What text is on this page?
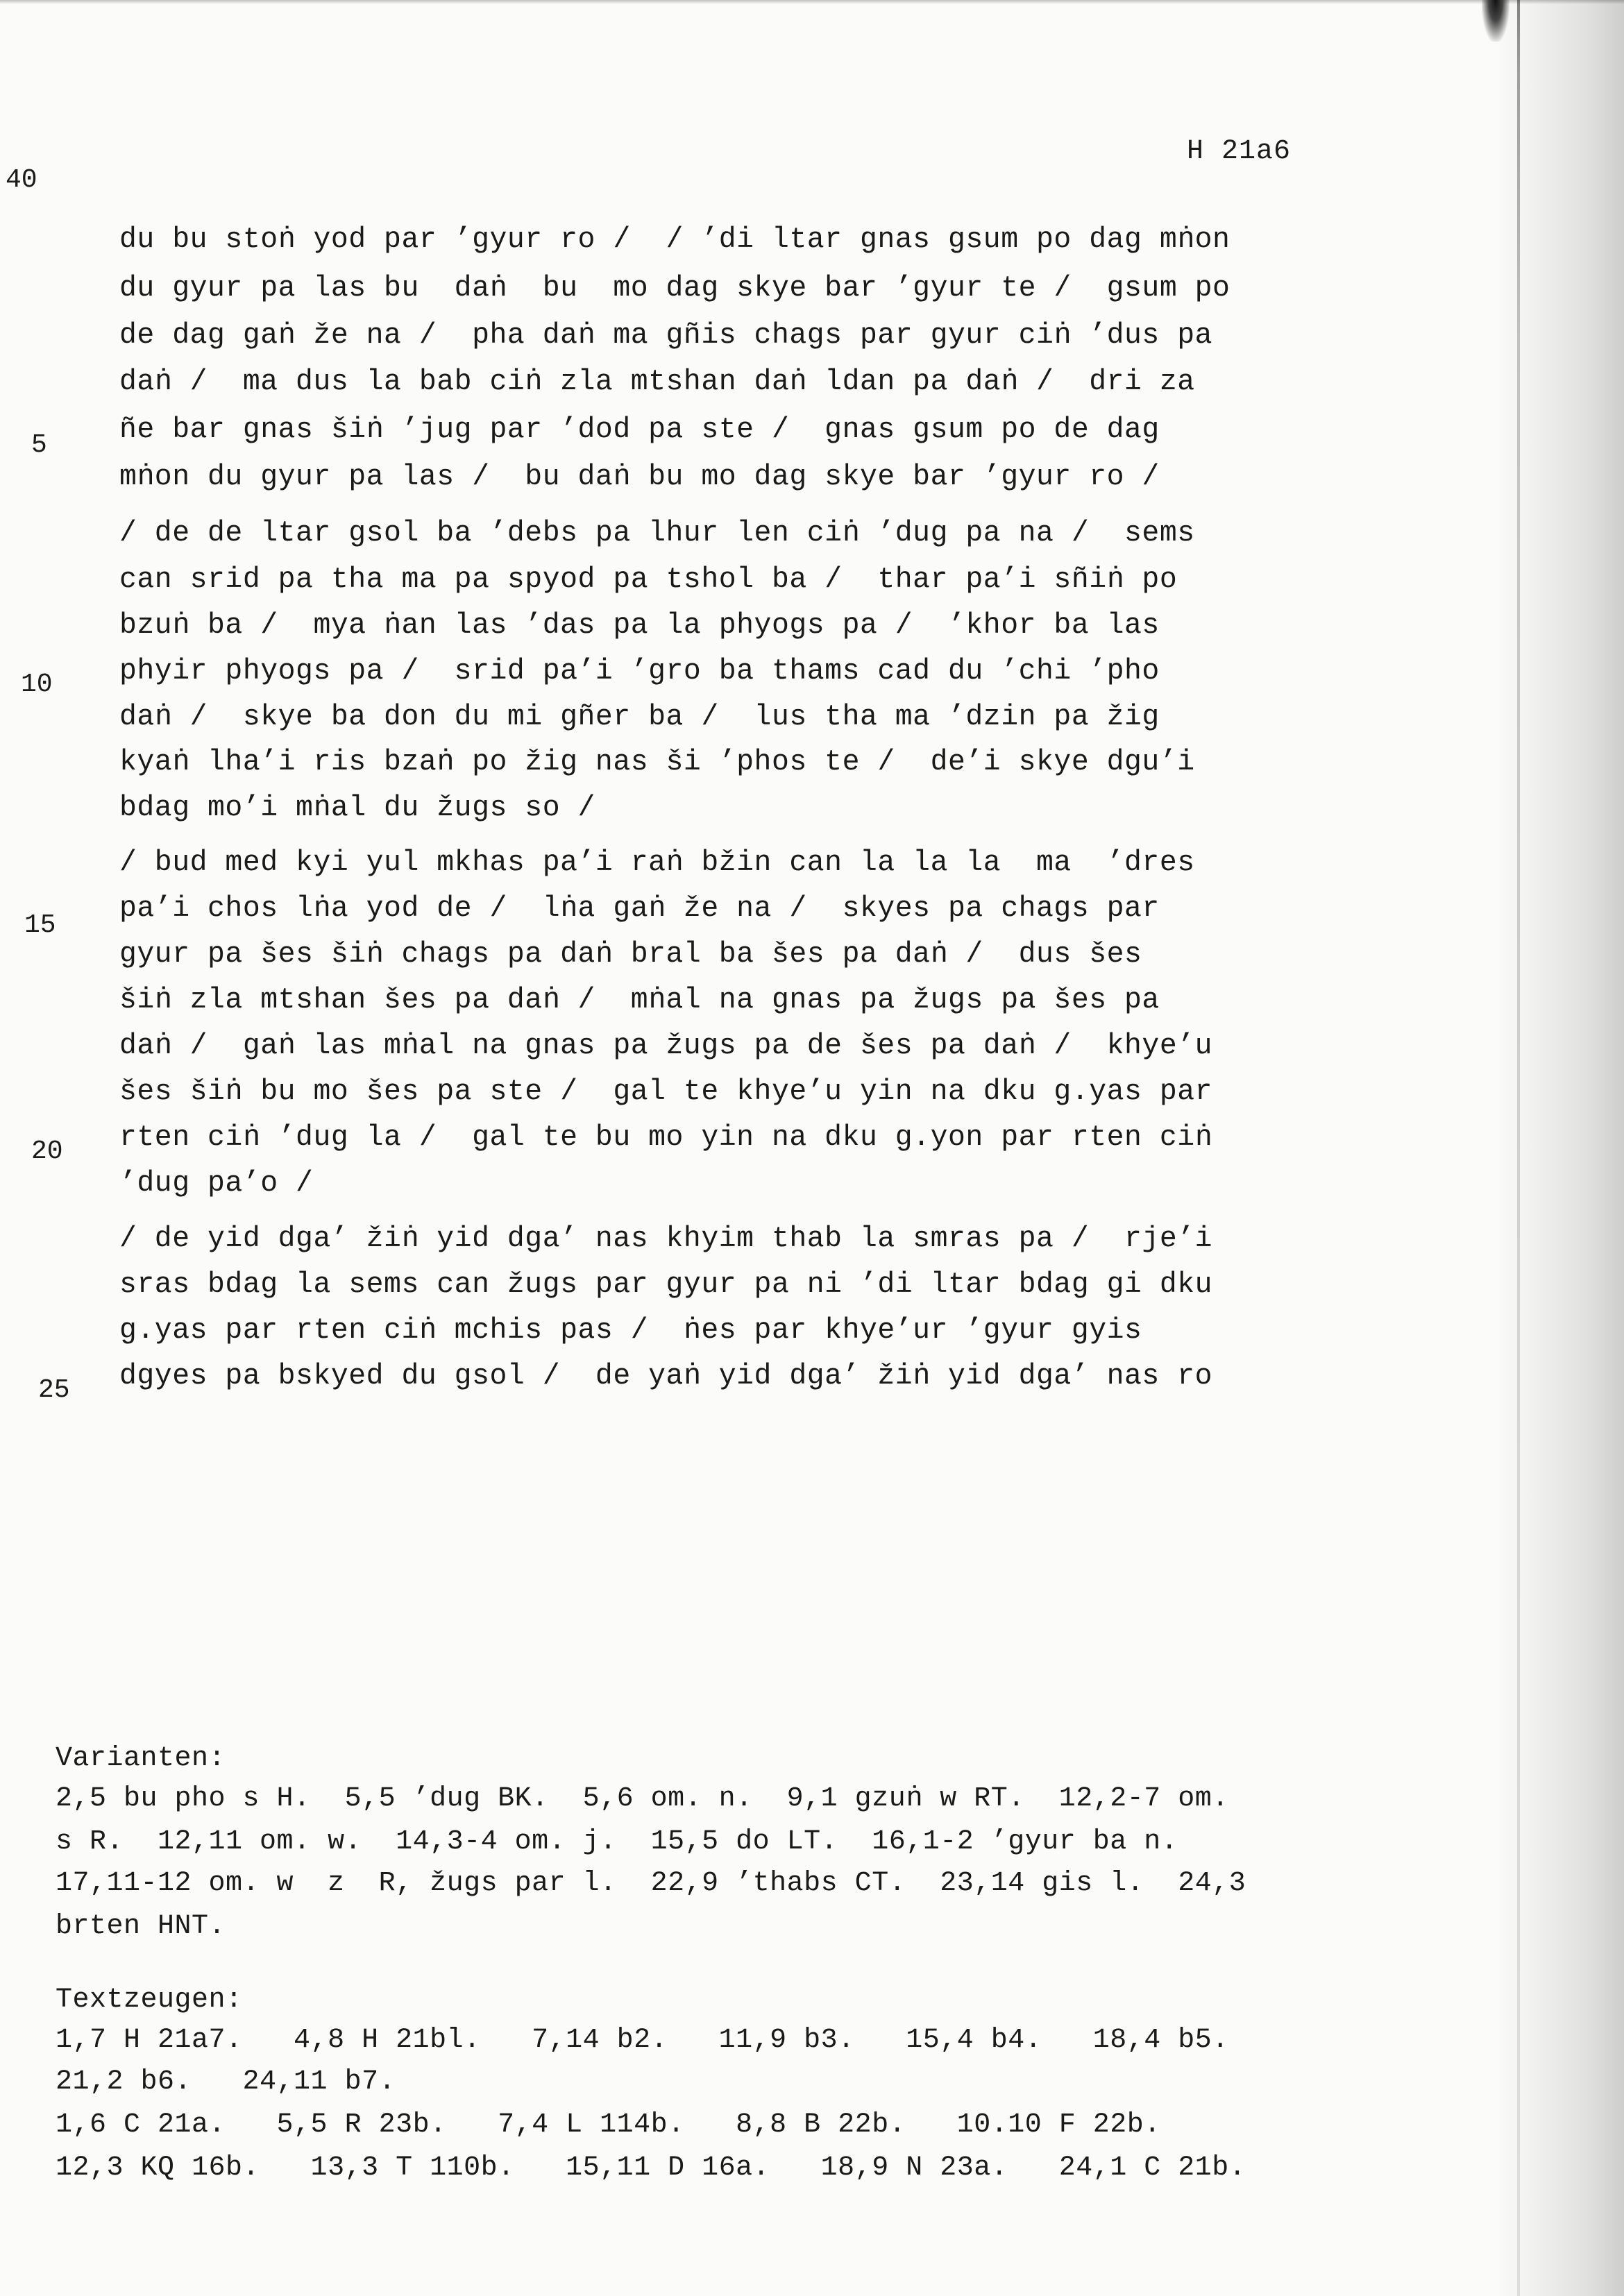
40
H 21a6
du bu stoṅ yod par ’gyur ro /  / ’di ltar gnas gsum po dag mṅon
du gyur pa las bu  daṅ  bu  mo dag skye bar ’gyur te /  gsum po
de dag gaṅ že na /  pha daṅ ma gñis chags par gyur ciṅ ’dus pa
daṅ /  ma dus la bab ciṅ zla mtshan daṅ ldan pa daṅ /  dri za
ñe bar gnas šiṅ ’jug par ’dod pa ste /  gnas gsum po de dag
mṅon du gyur pa las /  bu daṅ bu mo dag skye bar ’gyur ro /
/ de de ltar gsol ba ’debs pa lhur len ciṅ ’dug pa na /  sems
can srid pa tha ma pa spyod pa tshol ba /  thar pa’i sñiṅ po
bzuṅ ba /  mya ṅan las ’das pa la phyogs pa /  ’khor ba las
phyir phyogs pa /  srid pa’i ’gro ba thams cad du ’chi ’pho
daṅ /  skye ba don du mi gñer ba /  lus tha ma ’dzin pa žig
kyaṅ lha’i ris bzaṅ po žig nas ši ’phos te /  de’i skye dgu’i
bdag mo’i mṅal du žugs so /
/ bud med kyi yul mkhas pa’i raṅ bžin can la la la  ma  ’dres
pa’i chos lṅa yod de /  lṅa gaṅ že na /  skyes pa chags par
gyur pa šes šiṅ chags pa daṅ bral ba šes pa daṅ /  dus šes
šiṅ zla mtshan šes pa daṅ /  mṅal na gnas pa žugs pa šes pa
daṅ /  gaṅ las mṅal na gnas pa žugs pa de šes pa daṅ /  khye’u
šes šiṅ bu mo šes pa ste /  gal te khye’u yin na dku g.yas par
rten ciṅ ’dug la /  gal te bu mo yin na dku g.yon par rten ciṅ
’dug pa’o /
/ de yid dga’ žiṅ yid dga’ nas khyim thab la smras pa /  rje’i
sras bdag la sems can žugs par gyur pa ni ’di ltar bdag gi dku
g.yas par rten ciṅ mchis pas /  ṅes par khye’ur ’gyur gyis
dgyes pa bskyed du gsol /  de yaṅ yid dga’ žiṅ yid dga’ nas ro
5
10
15
20
25
Varianten:
2,5 bu pho s H.  5,5 ’dug BK.  5,6 om. n.  9,1 gzuṅ w RT.  12,2-7 om.
s R.  12,11 om. w.  14,3-4 om. j.  15,5 do LT.  16,1-2 ’gyur ba n.
17,11-12 om. w  z  R, žugs par l.  22,9 ’thabs CT.  23,14 gis l.  24,3
brten HNT.
Textzeugen:
1,7 H 21a7.   4,8 H 21bl.   7,14 b2.   11,9 b3.   15,4 b4.   18,4 b5.
21,2 b6.   24,11 b7.
1,6 C 21a.   5,5 R 23b.   7,4 L 114b.   8,8 B 22b.   10.10 F 22b.
12,3 KQ 16b.   13,3 T 110b.   15,11 D 16a.   18,9 N 23a.   24,1 C 21b.
